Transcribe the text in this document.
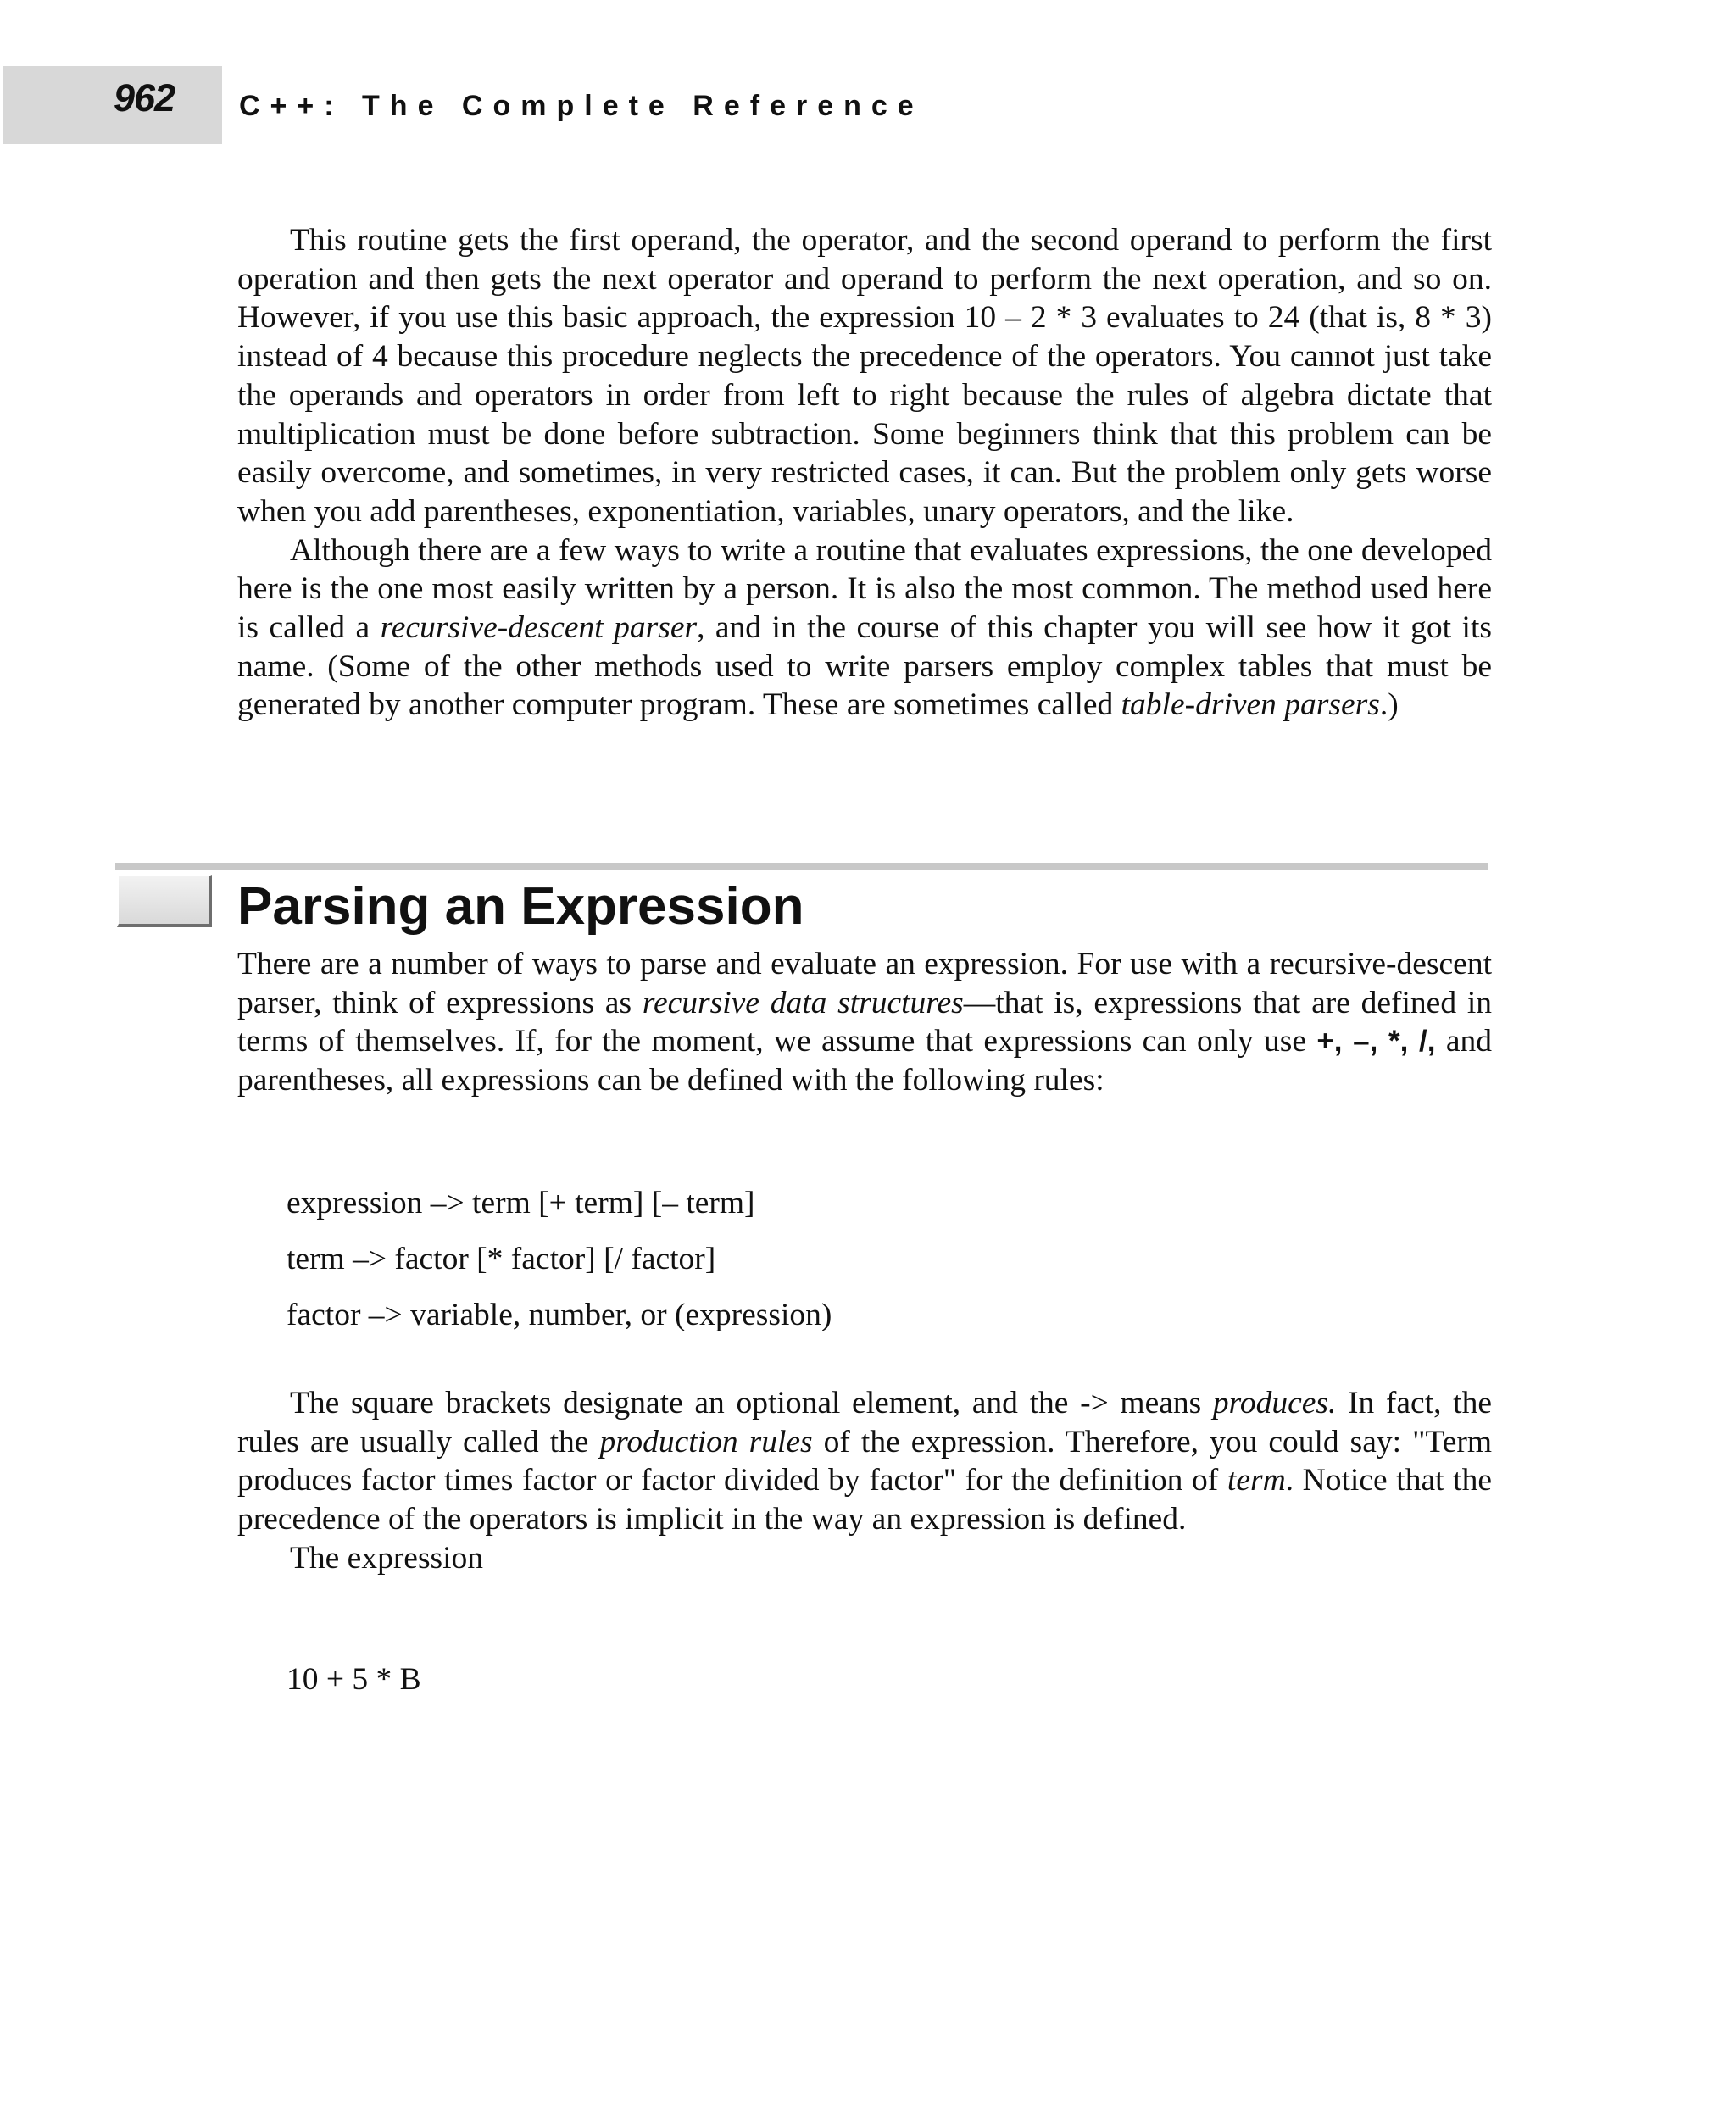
962 C++: The Complete Reference

This routine gets the first operand, the operator, and the second operand to perform the first operation and then gets the next operator and operand to perform the next operation, and so on. However, if you use this basic approach, the expression 10 – 2 * 3 evaluates to 24 (that is, 8 * 3) instead of 4 because this procedure neglects the precedence of the operators. You cannot just take the operands and operators in order from left to right because the rules of algebra dictate that multiplication must be done before subtraction. Some beginners think that this problem can be easily overcome, and sometimes, in very restricted cases, it can. But the problem only gets worse when you add parentheses, exponentiation, variables, unary operators, and the like.

Although there are a few ways to write a routine that evaluates expressions, the one developed here is the one most easily written by a person. It is also the most common. The method used here is called a recursive-descent parser, and in the course of this chapter you will see how it got its name. (Some of the other methods used to write parsers employ complex tables that must be generated by another computer program. These are sometimes called table-driven parsers.)

Parsing an Expression

There are a number of ways to parse and evaluate an expression. For use with a recursive-descent parser, think of expressions as recursive data structures—that is, expressions that are defined in terms of themselves. If, for the moment, we assume that expressions can only use +, –, *, /, and parentheses, all expressions can be defined with the following rules:

expression –> term [+ term] [– term]
term –> factor [* factor] [/ factor]
factor –> variable, number, or (expression)

The square brackets designate an optional element, and the -> means produces. In fact, the rules are usually called the production rules of the expression. Therefore, you could say: "Term produces factor times factor or factor divided by factor" for the definition of term. Notice that the precedence of the operators is implicit in the way an expression is defined.

The expression

10 + 5 * B
